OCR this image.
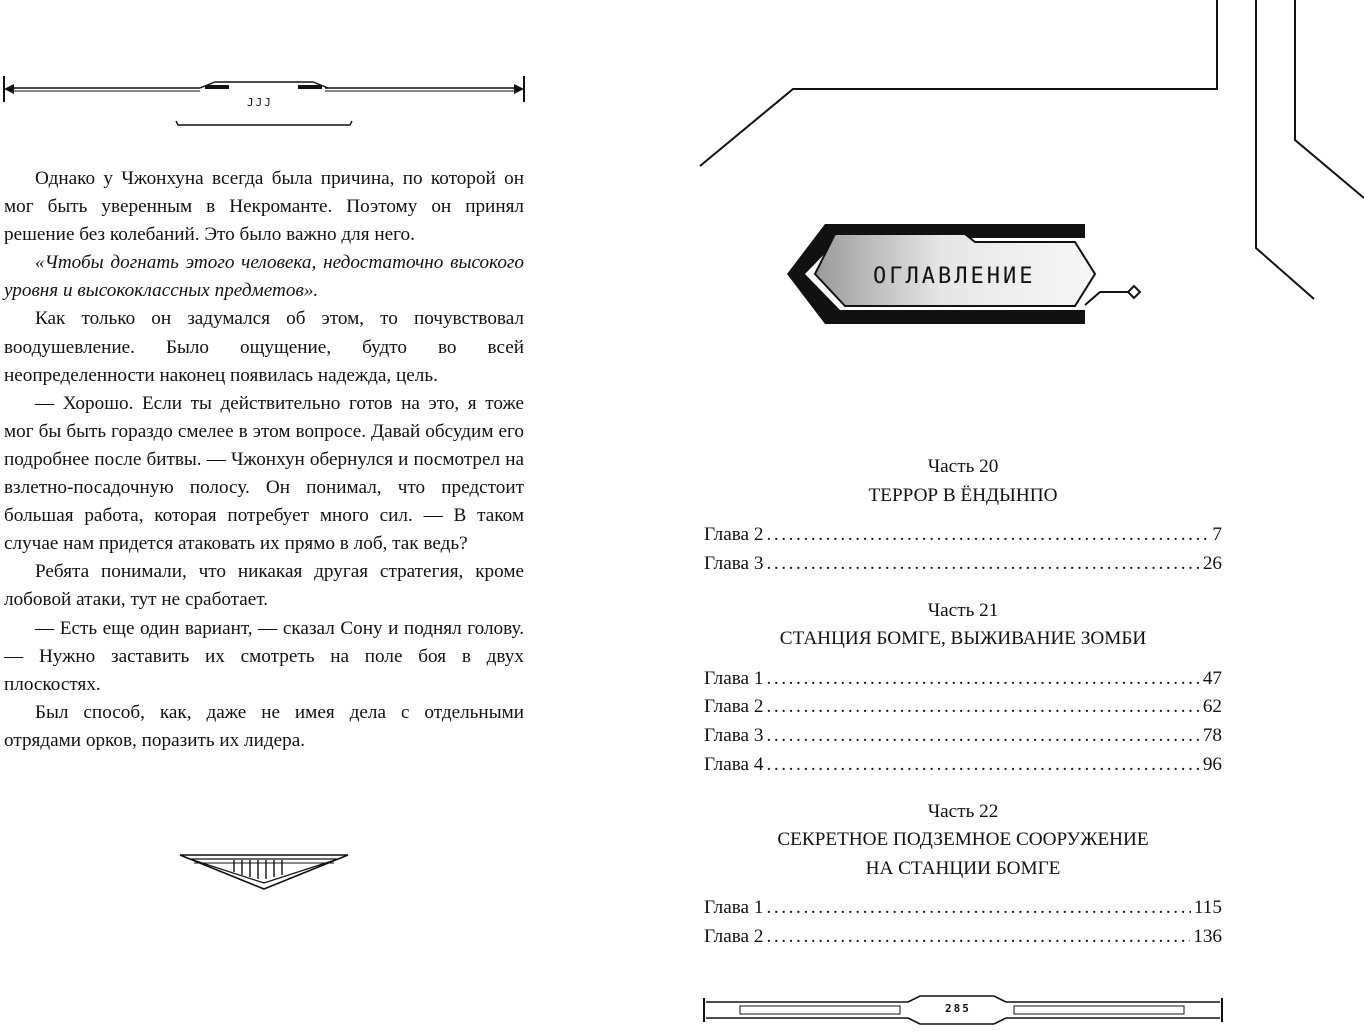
JJJ

Однако у Чжонхуна всегда была причина, по которой он мог быть уверенным в Некроманте. Поэтому он принял решение без колебаний. Это было важно для него.

«Чтобы догнать этого человека, недостаточно высокого уровня и высококлассных предметов».

Как только он задумался об этом, то почувствовал воодушевление. Было ощущение, будто во всей неопределенности наконец появилась надежда, цель.

— Хорошо. Если ты действительно готов на это, я тоже мог бы быть гораздо смелее в этом вопросе. Давай обсудим его подробнее после битвы. — Чжонхун обернулся и посмотрел на взлетно-посадочную полосу. Он понимал, что предстоит большая работа, которая потребует много сил. — В таком случае нам придется атаковать их прямо в лоб, так ведь?

Ребята понимали, что никакая другая стратегия, кроме лобовой атаки, тут не сработает.

— Есть еще один вариант, — сказал Сону и поднял голову. — Нужно заставить их смотреть на поле боя в двух плоскостях.

Был способ, как, даже не имея дела с отдельными отрядами орков, поразить их лидера.

ОГЛАВЛЕНИЕ
Часть 20
ТЕРРОР В ЁНДЫНПО
Глава 2 .....	7
Глава 3 .....	26
Часть 21
СТАНЦИЯ БОМГЕ, ВЫЖИВАНИЕ ЗОМБИ
Глава 1 .....	47
Глава 2 .....	62
Глава 3 .....	78
Глава 4 .....	96
Часть 22
СЕКРЕТНОЕ ПОДЗЕМНОЕ СООРУЖЕНИЕ
НА СТАНЦИИ БОМГЕ
Глава 1 .....	115
Глава 2 .....	136
285
